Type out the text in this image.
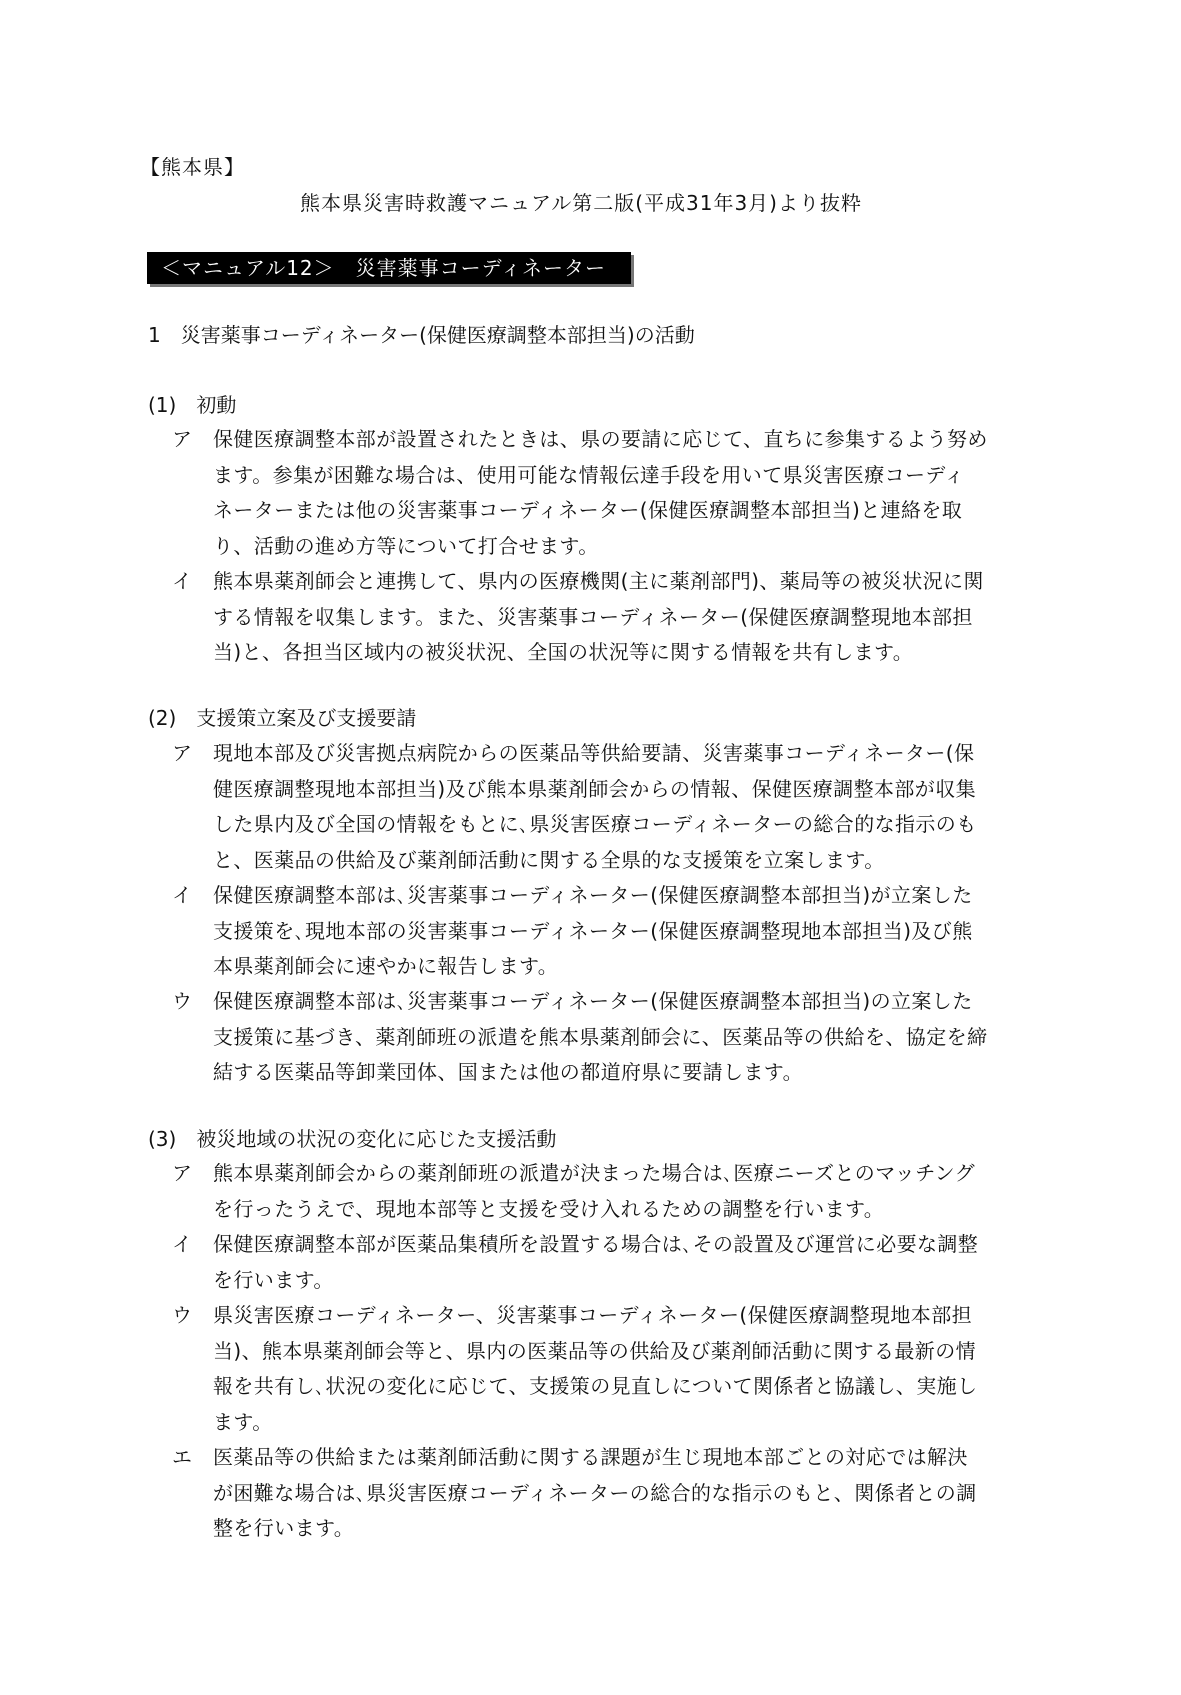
【熊本県】
熊本県災害時救護マニュアル第二版(平成31年3月)より抜粋
＜マニュアル12＞　災害薬事コーディネーター
1　災害薬事コーディネーター(保健医療調整本部担当)の活動
(1)　初動
ア	保健医療調整本部が設置されたときは、県の要請に応じて、直ちに参集するよう努め
ます。参集が困難な場合は、使用可能な情報伝達手段を用いて県災害医療コーディ
ネーターまたは他の災害薬事コーディネーター(保健医療調整本部担当)と連絡を取
り、活動の進め方等について打合せます。
イ	熊本県薬剤師会と連携して、県内の医療機関(主に薬剤部門)、薬局等の被災状況に関
する情報を収集します。また、災害薬事コーディネーター(保健医療調整現地本部担
当)と、各担当区域内の被災状況、全国の状況等に関する情報を共有します。
(2)　支援策立案及び支援要請
ア	現地本部及び災害拠点病院からの医薬品等供給要請、災害薬事コーディネーター(保
健医療調整現地本部担当)及び熊本県薬剤師会からの情報、保健医療調整本部が収集
した県内及び全国の情報をもとに､県災害医療コーディネーターの総合的な指示のも
と、医薬品の供給及び薬剤師活動に関する全県的な支援策を立案します。
イ	保健医療調整本部は､災害薬事コーディネーター(保健医療調整本部担当)が立案した
支援策を､現地本部の災害薬事コーディネーター(保健医療調整現地本部担当)及び熊
本県薬剤師会に速やかに報告します。
ウ	保健医療調整本部は､災害薬事コーディネーター(保健医療調整本部担当)の立案した
支援策に基づき、薬剤師班の派遣を熊本県薬剤師会に、医薬品等の供給を、協定を締
結する医薬品等卸業団体、国または他の都道府県に要請します。
(3)　被災地域の状況の変化に応じた支援活動
ア	熊本県薬剤師会からの薬剤師班の派遣が決まった場合は､医療ニーズとのマッチング
を行ったうえで、現地本部等と支援を受け入れるための調整を行います。
イ	保健医療調整本部が医薬品集積所を設置する場合は､その設置及び運営に必要な調整
を行います。
ウ	県災害医療コーディネーター、災害薬事コーディネーター(保健医療調整現地本部担
当)、熊本県薬剤師会等と、県内の医薬品等の供給及び薬剤師活動に関する最新の情
報を共有し､状況の変化に応じて、支援策の見直しについて関係者と協議し、実施し
ます。
エ	医薬品等の供給または薬剤師活動に関する課題が生じ現地本部ごとの対応では解決
が困難な場合は､県災害医療コーディネーターの総合的な指示のもと、関係者との調
整を行います。
